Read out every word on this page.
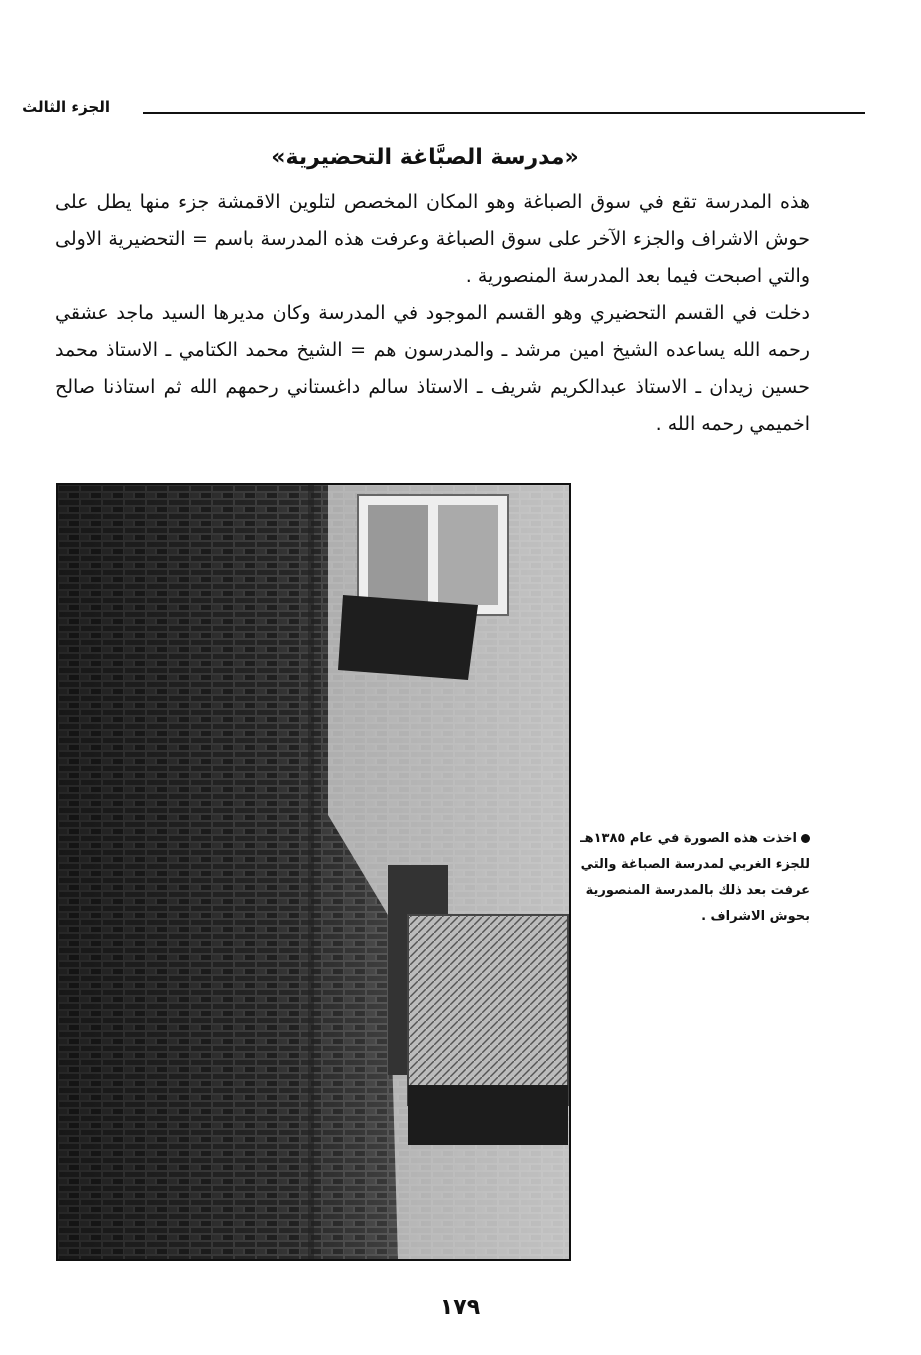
الجزء الثالث
«مدرسة الصبَّاغة التحضيرية»

هذه المدرسة تقع في سوق الصباغة وهو المكان المخصص لتلوين الاقمشة جزء منها يطل على حوش الاشراف والجزء الآخر على سوق الصباغة وعرفت هذه المدرسة باسم = التحضيرية الاولى والتي اصبحت فيما بعد المدرسة المنصورية .

دخلت في القسم التحضيري وهو القسم الموجود في المدرسة وكان مديرها السيد ماجد عشقي رحمه الله يساعده الشيخ امين مرشد ـ والمدرسون هم = الشيخ محمد الكتامي ـ الاستاذ محمد حسين زيدان ـ الاستاذ عبدالكريم شريف ـ الاستاذ سالم داغستاني رحمهم الله ثم استاذنا صالح اخميمي رحمه الله .

اخذت هذه الصورة في عام ١٣٨٥هـ للجزء الغربي لمدرسة الصباغة والتي عرفت بعد ذلك بالمدرسة المنصورية بحوش الاشراف .
١٧٩
